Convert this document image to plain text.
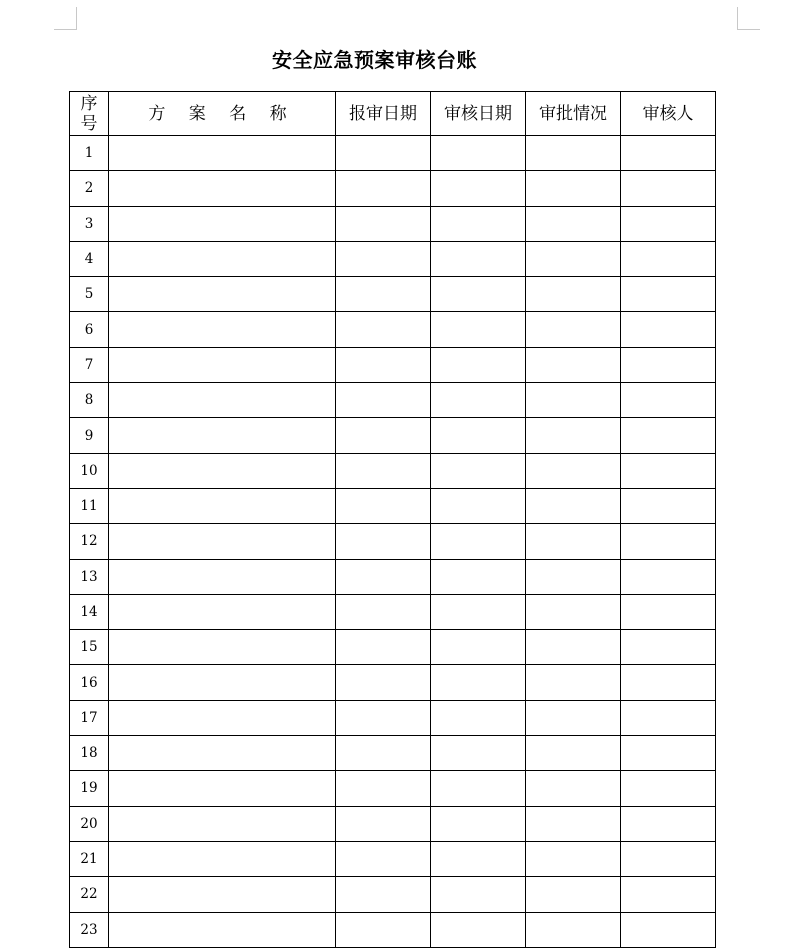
安全应急预案审核台账
序号	方 案 名 称	报审日期	审核日期	审批情况	审核人
1					
2					
3					
4					
5					
6					
7					
8					
9					
10					
11					
12					
13					
14					
15					
16					
17					
18					
19					
20					
21					
22					
23					
